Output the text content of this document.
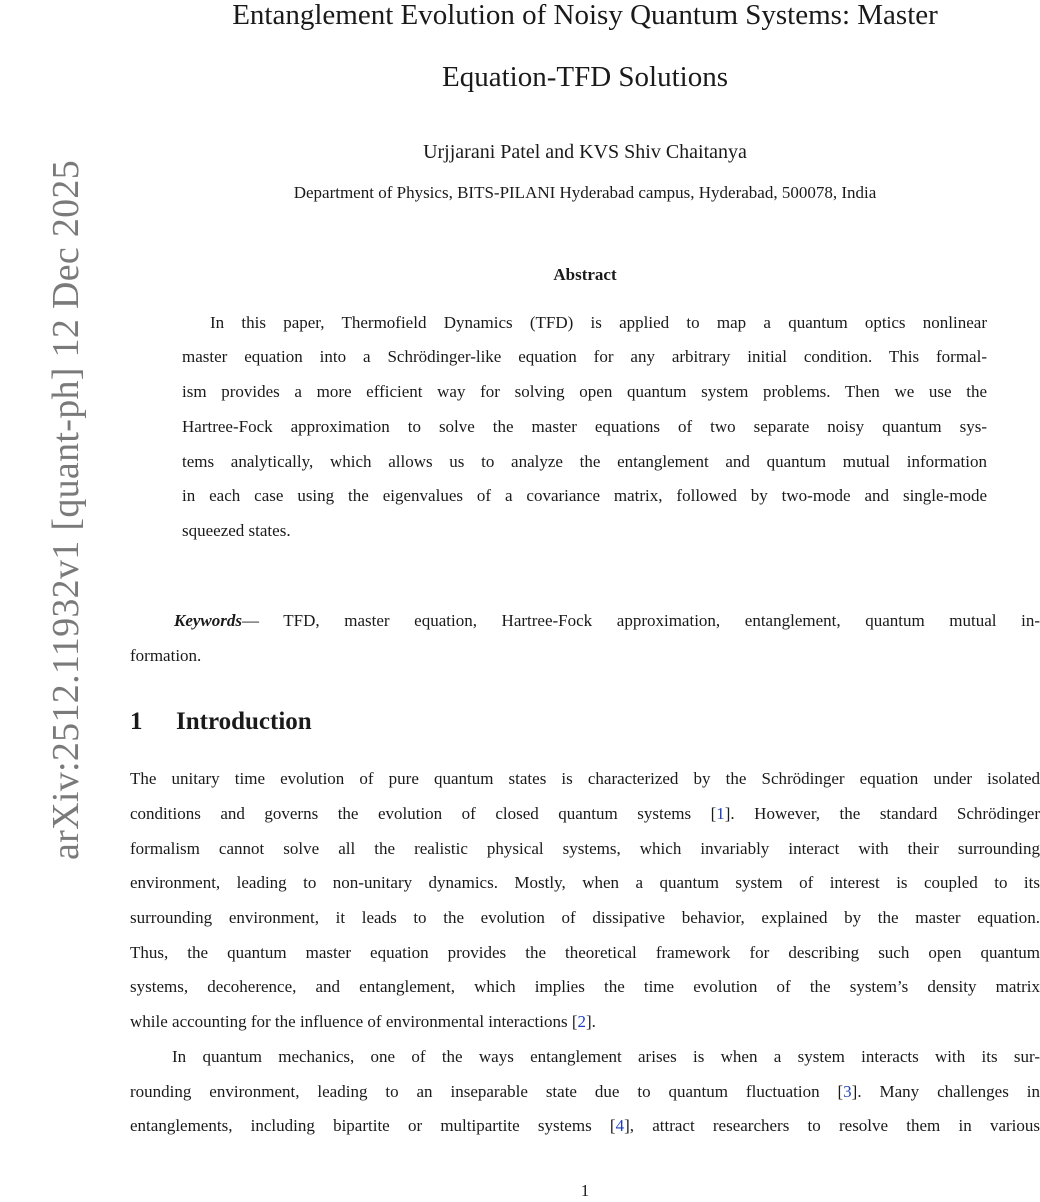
arXiv:2512.11932v1 [quant-ph] 12 Dec 2025
Entanglement Evolution of Noisy Quantum Systems: Master
Equation-TFD Solutions
Urjjarani Patel and KVS Shiv Chaitanya
Department of Physics, BITS-PILANI Hyderabad campus, Hyderabad, 500078, India
Abstract
In this paper, Thermofield Dynamics (TFD) is applied to map a quantum optics nonlinear
master equation into a Schrödinger-like equation for any arbitrary initial condition. This formal-
ism provides a more efficient way for solving open quantum system problems. Then we use the
Hartree-Fock approximation to solve the master equations of two separate noisy quantum sys-
tems analytically, which allows us to analyze the entanglement and quantum mutual information
in each case using the eigenvalues of a covariance matrix, followed by two-mode and single-mode
squeezed states.
Keywords— TFD, master equation, Hartree-Fock approximation, entanglement, quantum mutual in-
formation.
1 Introduction
The unitary time evolution of pure quantum states is characterized by the Schrödinger equation under isolated
conditions and governs the evolution of closed quantum systems [1]. However, the standard Schrödinger
formalism cannot solve all the realistic physical systems, which invariably interact with their surrounding
environment, leading to non-unitary dynamics. Mostly, when a quantum system of interest is coupled to its
surrounding environment, it leads to the evolution of dissipative behavior, explained by the master equation.
Thus, the quantum master equation provides the theoretical framework for describing such open quantum
systems, decoherence, and entanglement, which implies the time evolution of the system’s density matrix
while accounting for the influence of environmental interactions [2].
In quantum mechanics, one of the ways entanglement arises is when a system interacts with its sur-
rounding environment, leading to an inseparable state due to quantum fluctuation [3]. Many challenges in
entanglements, including bipartite or multipartite systems [4], attract researchers to resolve them in various
1
